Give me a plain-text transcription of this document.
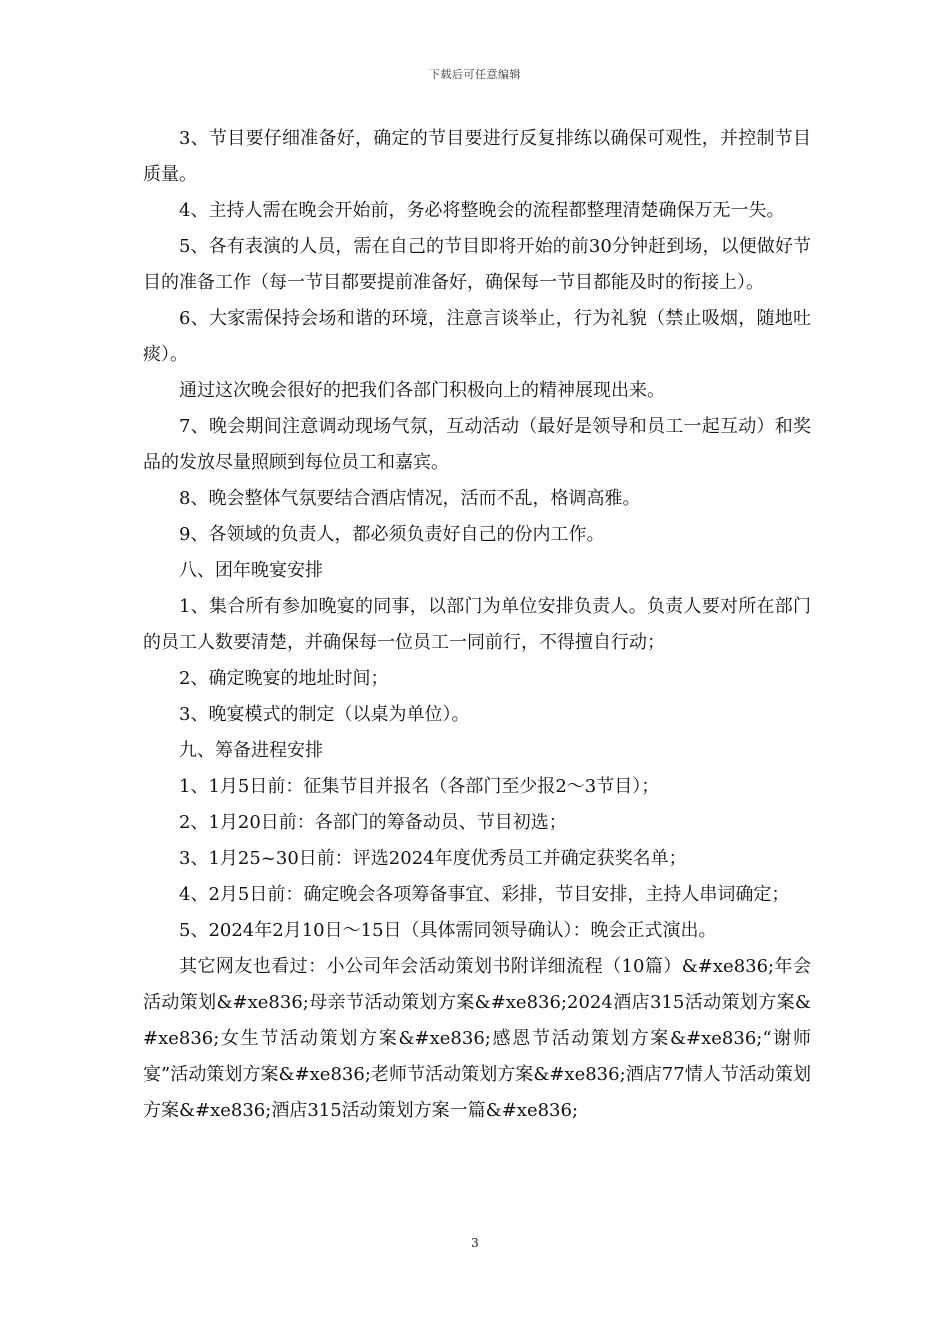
下载后可任意编辑

3、节目要仔细准备好，确定的节目要进行反复排练以确保可观性，并控制节目质量。

4、主持人需在晚会开始前，务必将整晚会的流程都整理清楚确保万无一失。

5、各有表演的人员，需在自己的节目即将开始的前30分钟赶到场，以便做好节目的准备工作（每一节目都要提前准备好，确保每一节目都能及时的衔接上）。

6、大家需保持会场和谐的环境，注意言谈举止，行为礼貌（禁止吸烟，随地吐痰）。

通过这次晚会很好的把我们各部门积极向上的精神展现出来。

7、晚会期间注意调动现场气氛，互动活动（最好是领导和员工一起互动）和奖品的发放尽量照顾到每位员工和嘉宾。

8、晚会整体气氛要结合酒店情况，活而不乱，格调高雅。

9、各领域的负责人，都必须负责好自己的份内工作。

八、团年晚宴安排

1、集合所有参加晚宴的同事，以部门为单位安排负责人。负责人要对所在部门的员工人数要清楚，并确保每一位员工一同前行，不得擅自行动；

2、确定晚宴的地址时间；

3、晚宴模式的制定（以桌为单位）。

九、筹备进程安排

1、1月5日前：征集节目并报名（各部门至少报2～3节目）；

2、1月20日前：各部门的筹备动员、节目初选；

3、1月25~30日前：评选2024年度优秀员工并确定获奖名单；

4、2月5日前：确定晚会各项筹备事宜、彩排，节目安排，主持人串词确定；

5、2024年2月10日～15日（具体需同领导确认）：晚会正式演出。

其它网友也看过：小公司年会活动策划书附详细流程（10篇）&#xe836;年会活动策划&#xe836;母亲节活动策划方案&#xe836;2024酒店315活动策划方案&#xe836;女生节活动策划方案&#xe836;感恩节活动策划方案&#xe836;“谢师宴”活动策划方案&#xe836;老师节活动策划方案&#xe836;酒店77情人节活动策划方案&#xe836;酒店315活动策划方案一篇&#xe836;

3
